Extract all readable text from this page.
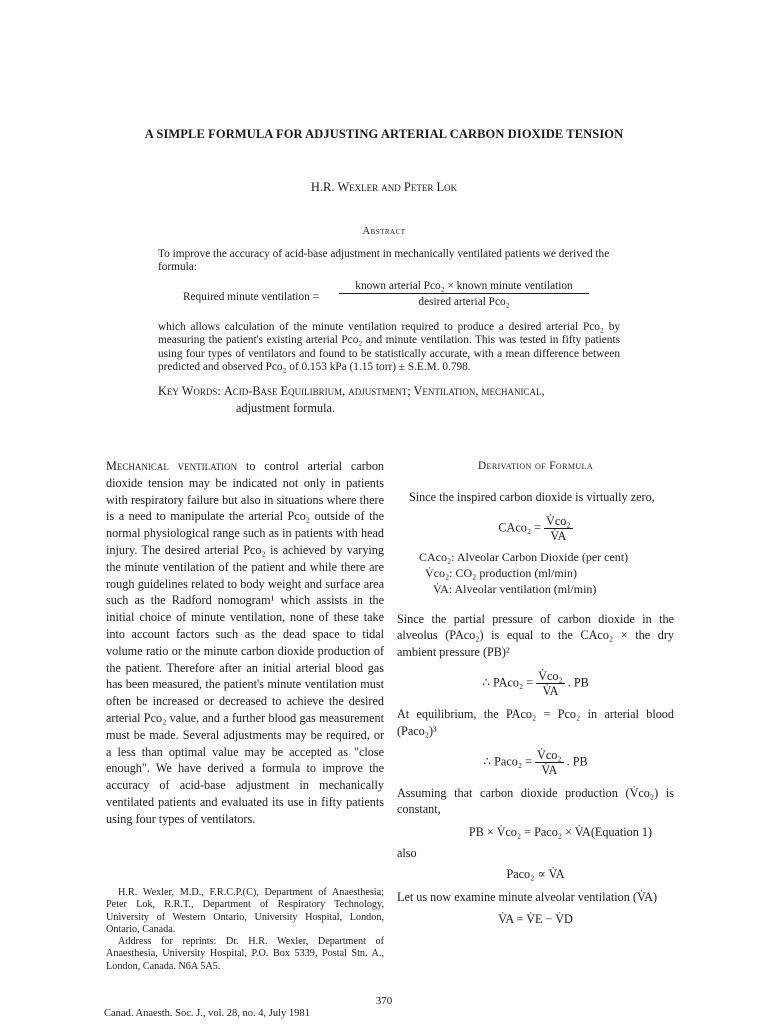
A SIMPLE FORMULA FOR ADJUSTING ARTERIAL CARBON DIOXIDE TENSION
H.R. Wexler and Peter Lok
Abstract
To improve the accuracy of acid-base adjustment in mechanically ventilated patients we derived the formula:
Required minute ventilation =
known arterial Pco₂ × known minute ventilation
desired arterial Pco₂
which allows calculation of the minute ventilation required to produce a desired arterial Pco₂ by measuring the patient's existing arterial Pco₂ and minute ventilation. This was tested in fifty patients using four types of ventilators and found to be statistically accurate, with a mean difference between predicted and observed Pco₂ of 0.153 kPa (1.15 torr) ± S.E.M. 0.798.
Key Words: Acid-Base Equilibrium, adjustment; Ventilation, mechanical,
adjustment formula.
Mechanical ventilation to control arterial carbon dioxide tension may be indicated not only in patients with respiratory failure but also in situations where there is a need to manipulate the arterial Pco₂ outside of the normal physiological range such as in patients with head injury. The desired arterial Pco₂ is achieved by varying the minute ventilation of the patient and while there are rough guidelines related to body weight and surface area such as the Radford nomogram¹ which assists in the initial choice of minute ventilation, none of these take into account factors such as the dead space to tidal volume ratio or the minute carbon dioxide production of the patient. Therefore after an initial arterial blood gas has been measured, the patient's minute ventilation must often be increased or decreased to achieve the desired arterial Pco₂ value, and a further blood gas measurement must be made. Several adjustments may be required, or a less than optimal value may be accepted as "close enough". We have derived a formula to improve the accuracy of acid-base adjustment in mechanically ventilated patients and evaluated its use in fifty patients using four types of ventilators.

H.R. Wexler, M.D., F.R.C.P.(C), Department of Anaesthesia; Peter Lok, R.R.T., Department of Respiratory Technology, University of Western Ontario, University Hospital, London, Ontario, Canada.

Address for reprints: Dr. H.R. Wexler, Department of Anaesthesia, University Hospital, P.O. Box 5339, Postal Stn. A., London, Canada. N6A 5A5.

Derivation of Formula
Since the inspired carbon dioxide is virtually zero,
CAco₂ = $\frac{\text{V̇co₂}}{V̇A}$
CAco₂: Alveolar Carbon Dioxide (per cent)
V̇co₂: CO₂ production (ml/min)
V̇A: Alveolar ventilation (ml/min)
Since the partial pressure of carbon dioxide in the alveolus (PAco₂) is equal to the CAco₂ × the dry ambient pressure (PB)²
∴ PAco₂ = $\frac{\text{V̇co₂}}{V̇A}$ . PB
At equilibrium, the PAco₂ = Pco₂ in arterial blood (Paco₂)³
∴ Paco₂ = $\frac{\text{V̇co₂}}{V̇A}$ . PB
Assuming that carbon dioxide production (V̇co₂) is constant,
PB × V̇co₂ = Paco₂ × V̇A(Equation 1)
also
Paco₂ ∝ V̇A
Let us now examine minute alveolar ventilation (V̇A)
V̇A = V̇E − V̇D
370
Canad. Anaesth. Soc. J., vol. 28, no. 4, July 1981
